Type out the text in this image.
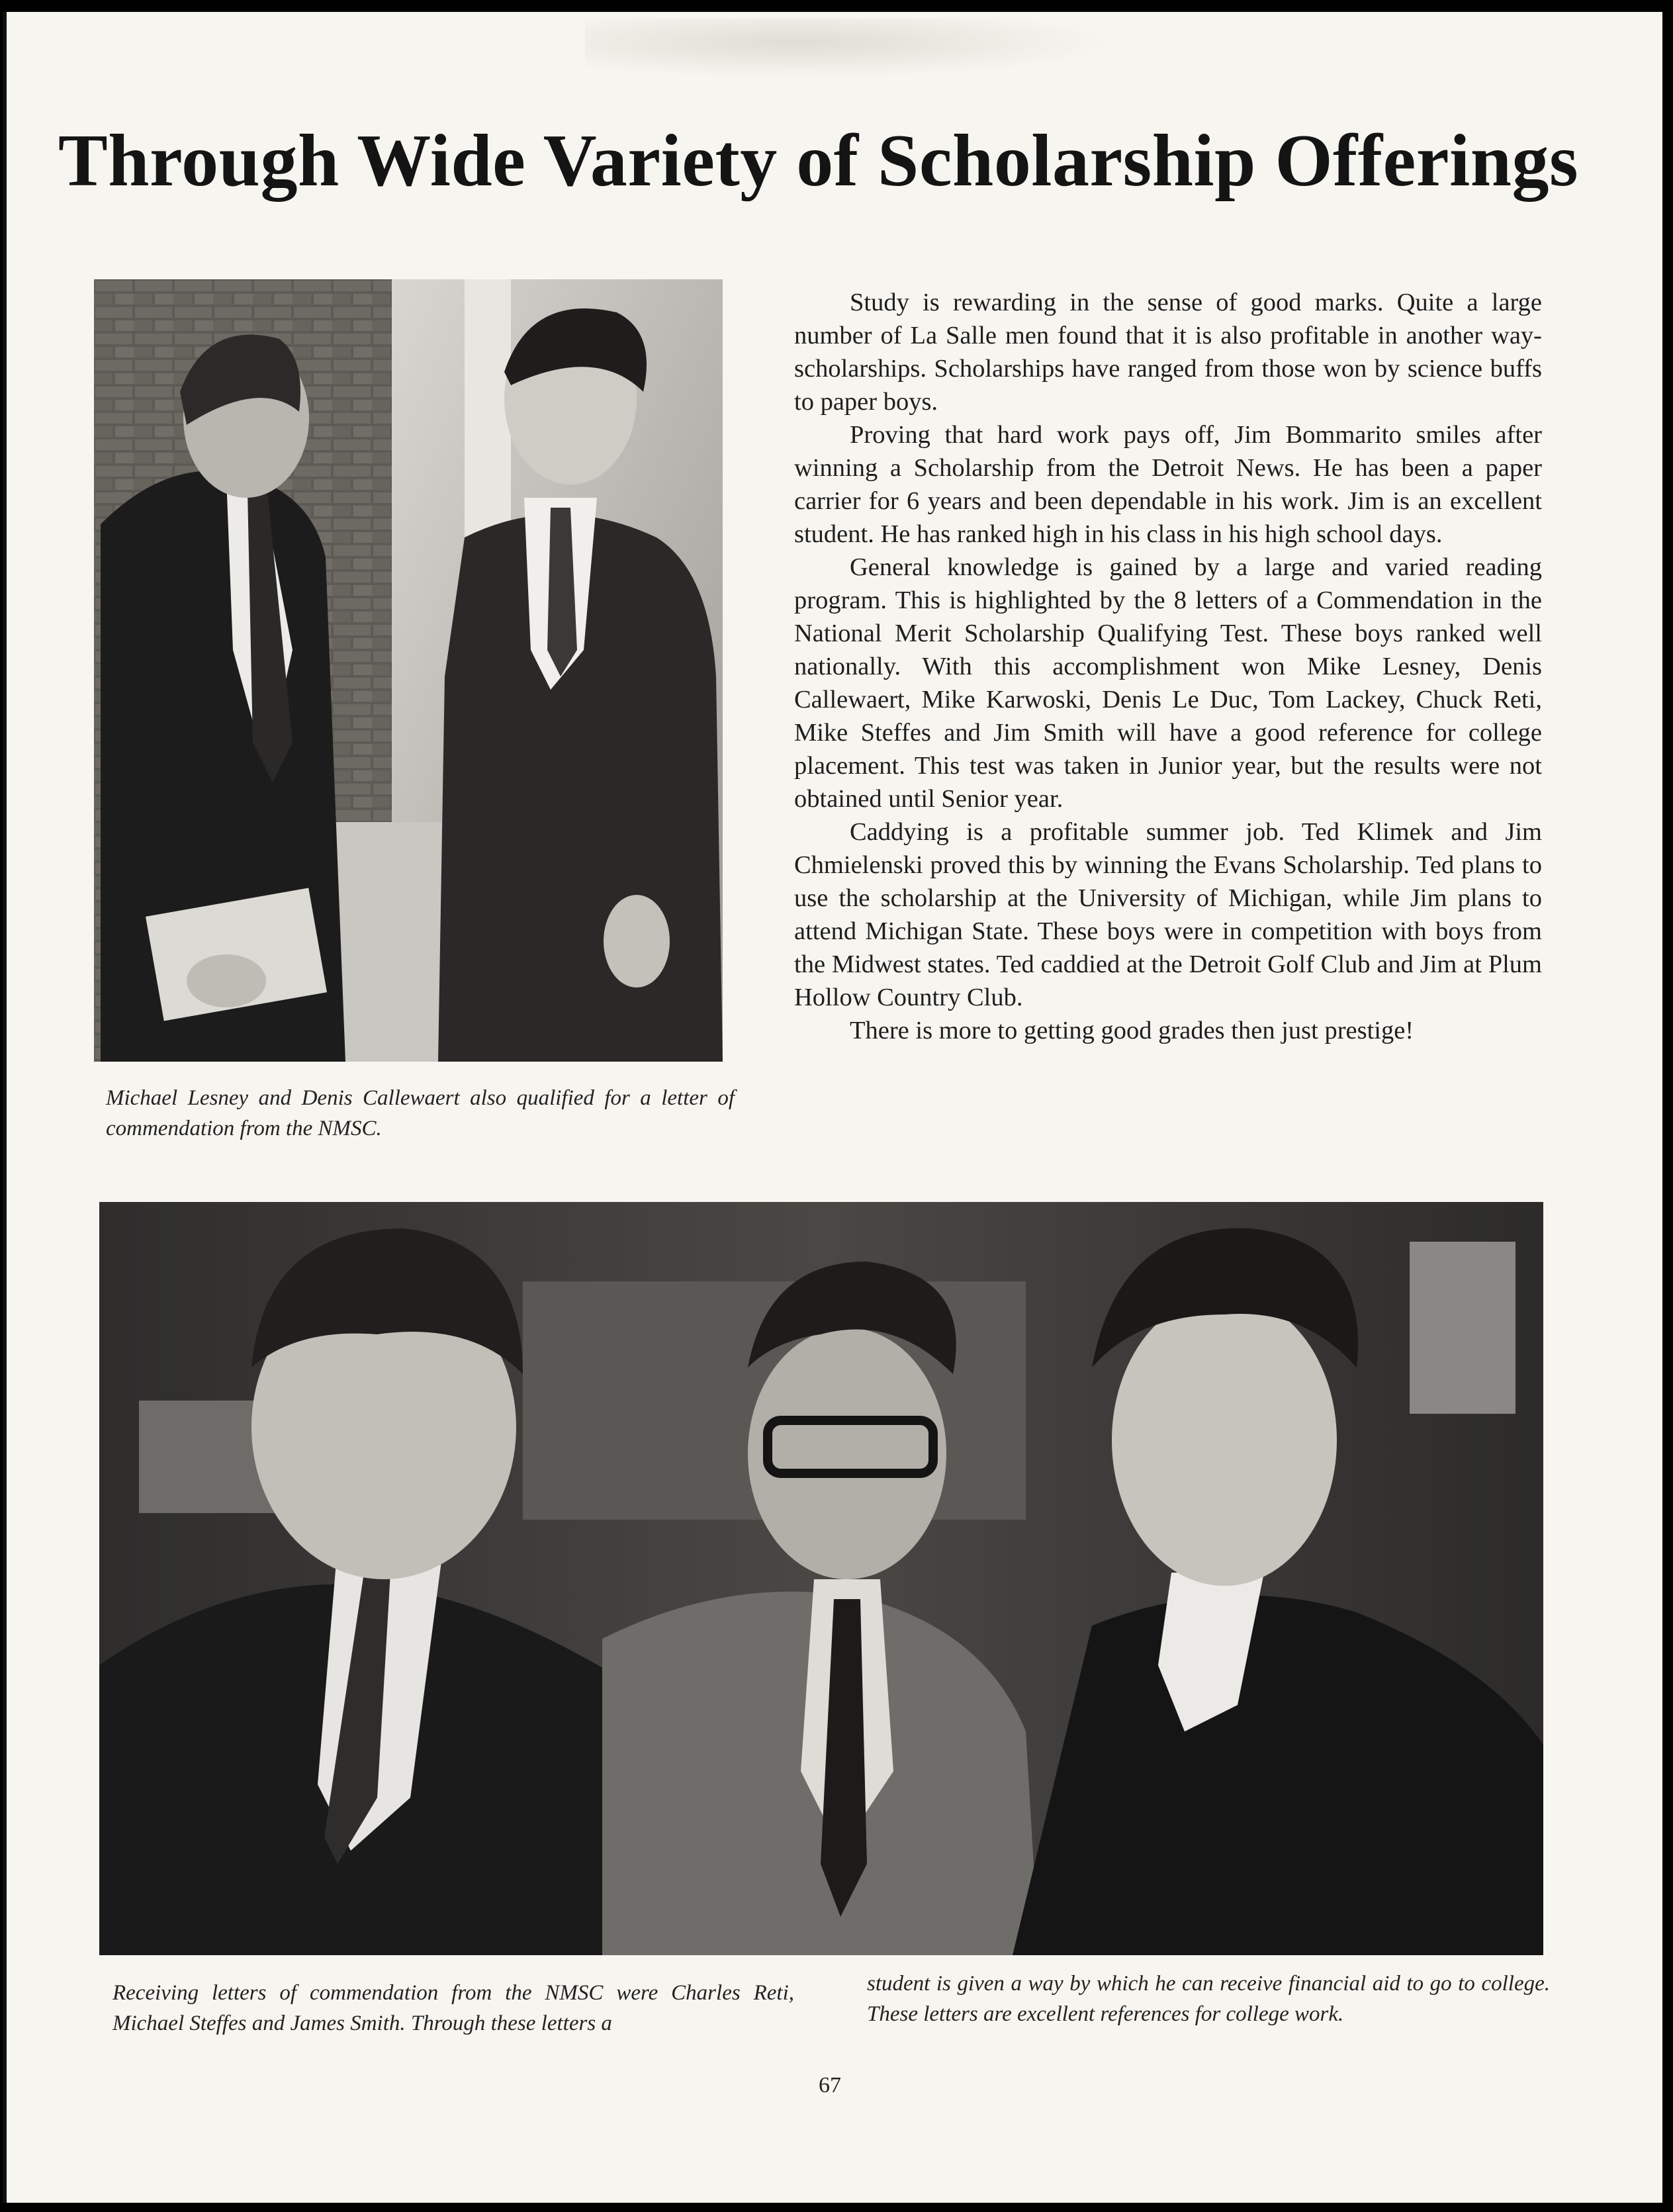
Through Wide Variety of Scholarship Offerings

Michael Lesney and Denis Callewaert also qualified for a letter of commendation from the NMSC.

Study is rewarding in the sense of good marks. Quite a large number of La Salle men found that it is also profitable in another way-scholarships. Scholarships have ranged from those won by science buffs to paper boys.

Proving that hard work pays off, Jim Bommarito smiles after winning a Scholarship from the Detroit News. He has been a paper carrier for 6 years and been dependable in his work. Jim is an excellent student. He has ranked high in his class in his high school days.

General knowledge is gained by a large and varied reading program. This is highlighted by the 8 letters of a Commendation in the National Merit Scholarship Qualifying Test. These boys ranked well nationally. With this accomplishment won Mike Lesney, Denis Callewaert, Mike Karwoski, Denis Le Duc, Tom Lackey, Chuck Reti, Mike Steffes and Jim Smith will have a good reference for college placement. This test was taken in Junior year, but the results were not obtained until Senior year.

Caddying is a profitable summer job. Ted Klimek and Jim Chmielenski proved this by winning the Evans Scholarship. Ted plans to use the scholarship at the University of Michigan, while Jim plans to attend Michigan State. These boys were in competition with boys from the Midwest states. Ted caddied at the Detroit Golf Club and Jim at Plum Hollow Country Club.

There is more to getting good grades then just prestige!

Receiving letters of commendation from the NMSC were Charles Reti, Michael Steffes and James Smith. Through these letters a

student is given a way by which he can receive financial aid to go to college. These letters are excellent references for college work.

67
